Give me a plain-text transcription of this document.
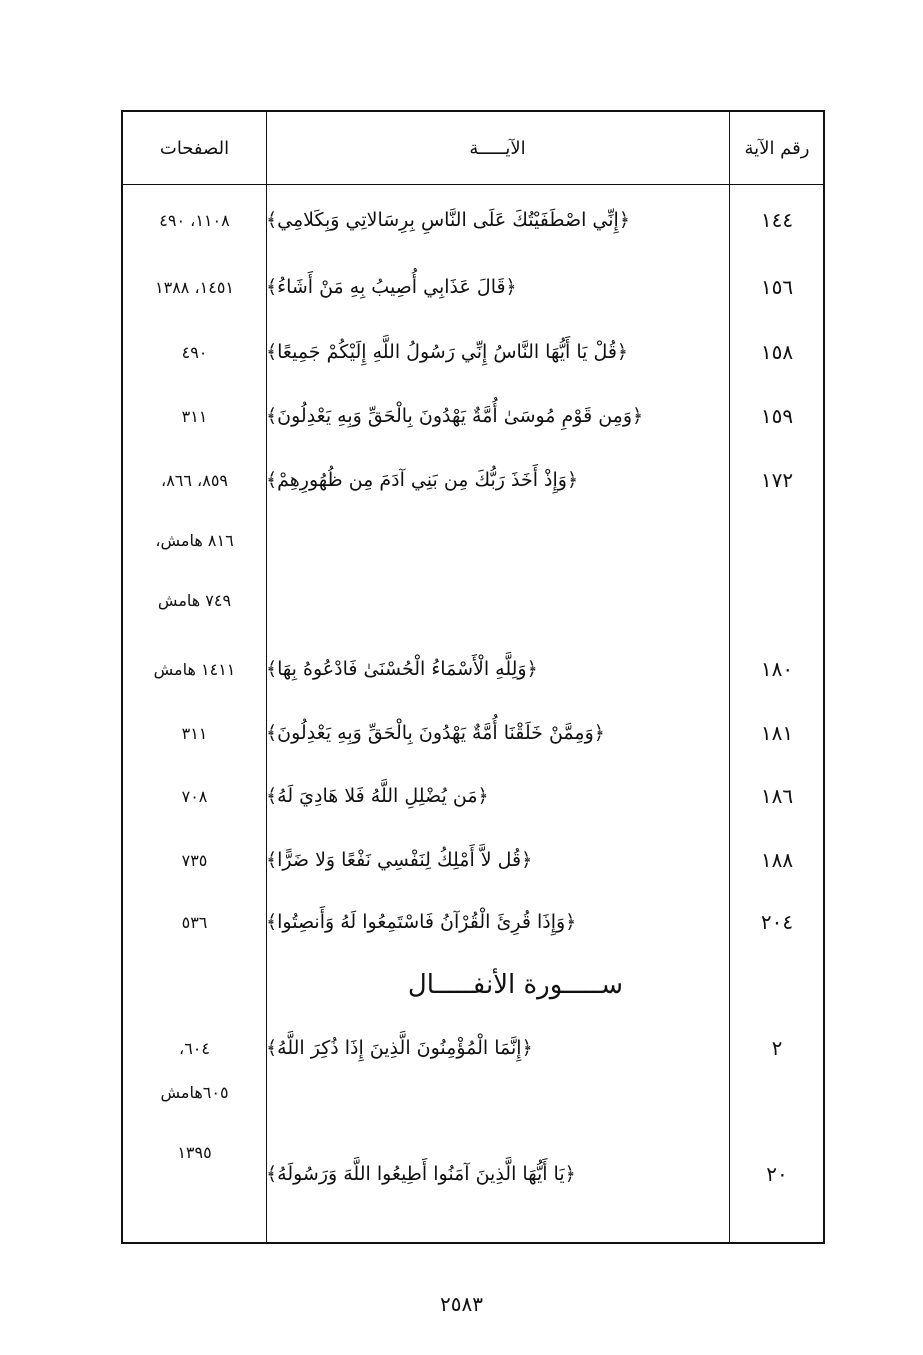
رقم الآية
الآيـــــة
الصفحات
١٤٤
﴿إِنِّي اصْطَفَيْتُكَ عَلَى النَّاسِ بِرِسَالاتِي وَبِكَلامِي﴾
١١٠٨، ٤٩٠
١٥٦
﴿قَالَ عَذَابِي أُصِيبُ بِهِ مَنْ أَشَاءُ﴾
١٤٥١، ١٣٨٨
١٥٨
﴿قُلْ يَا أَيُّهَا النَّاسُ إِنِّي رَسُولُ اللَّهِ إِلَيْكُمْ جَمِيعًا﴾
٤٩٠
١٥٩
﴿وَمِن قَوْمِ مُوسَىٰ أُمَّةٌ يَهْدُونَ بِالْحَقِّ وَبِهِ يَعْدِلُونَ﴾
٣١١
١٧٢
﴿وَإِذْ أَخَذَ رَبُّكَ مِن بَنِي آدَمَ مِن ظُهُورِهِمْ﴾
٨٥٩، ٨٦٦،
٨١٦ هامش،
٧٤٩ هامش
١٨٠
﴿وَلِلَّهِ الْأَسْمَاءُ الْحُسْنَىٰ فَادْعُوهُ بِهَا﴾
١٤١١ هامش
١٨١
﴿وَمِمَّنْ خَلَقْنَا أُمَّةٌ يَهْدُونَ بِالْحَقِّ وَبِهِ يَعْدِلُونَ﴾
٣١١
١٨٦
﴿مَن يُضْلِلِ اللَّهُ فَلا هَادِيَ لَهُ﴾
٧٠٨
١٨٨
﴿قُل لاَّ أَمْلِكُ لِنَفْسِي نَفْعًا وَلا ضَرًّا﴾
٧٣٥
٢٠٤
﴿وَإِذَا قُرِئَ الْقُرْآنُ فَاسْتَمِعُوا لَهُ وَأَنصِتُوا﴾
٥٣٦
ســـــورة الأنفـــــال
٢
﴿إِنَّمَا الْمُؤْمِنُونَ الَّذِينَ إِذَا ذُكِرَ اللَّهُ﴾
٦٠٤،
٦٠٥هامش
١٣٩٥
٢٠
﴿يَا أَيُّهَا الَّذِينَ آمَنُوا أَطِيعُوا اللَّهَ وَرَسُولَهُ﴾
٢٥٨٣
